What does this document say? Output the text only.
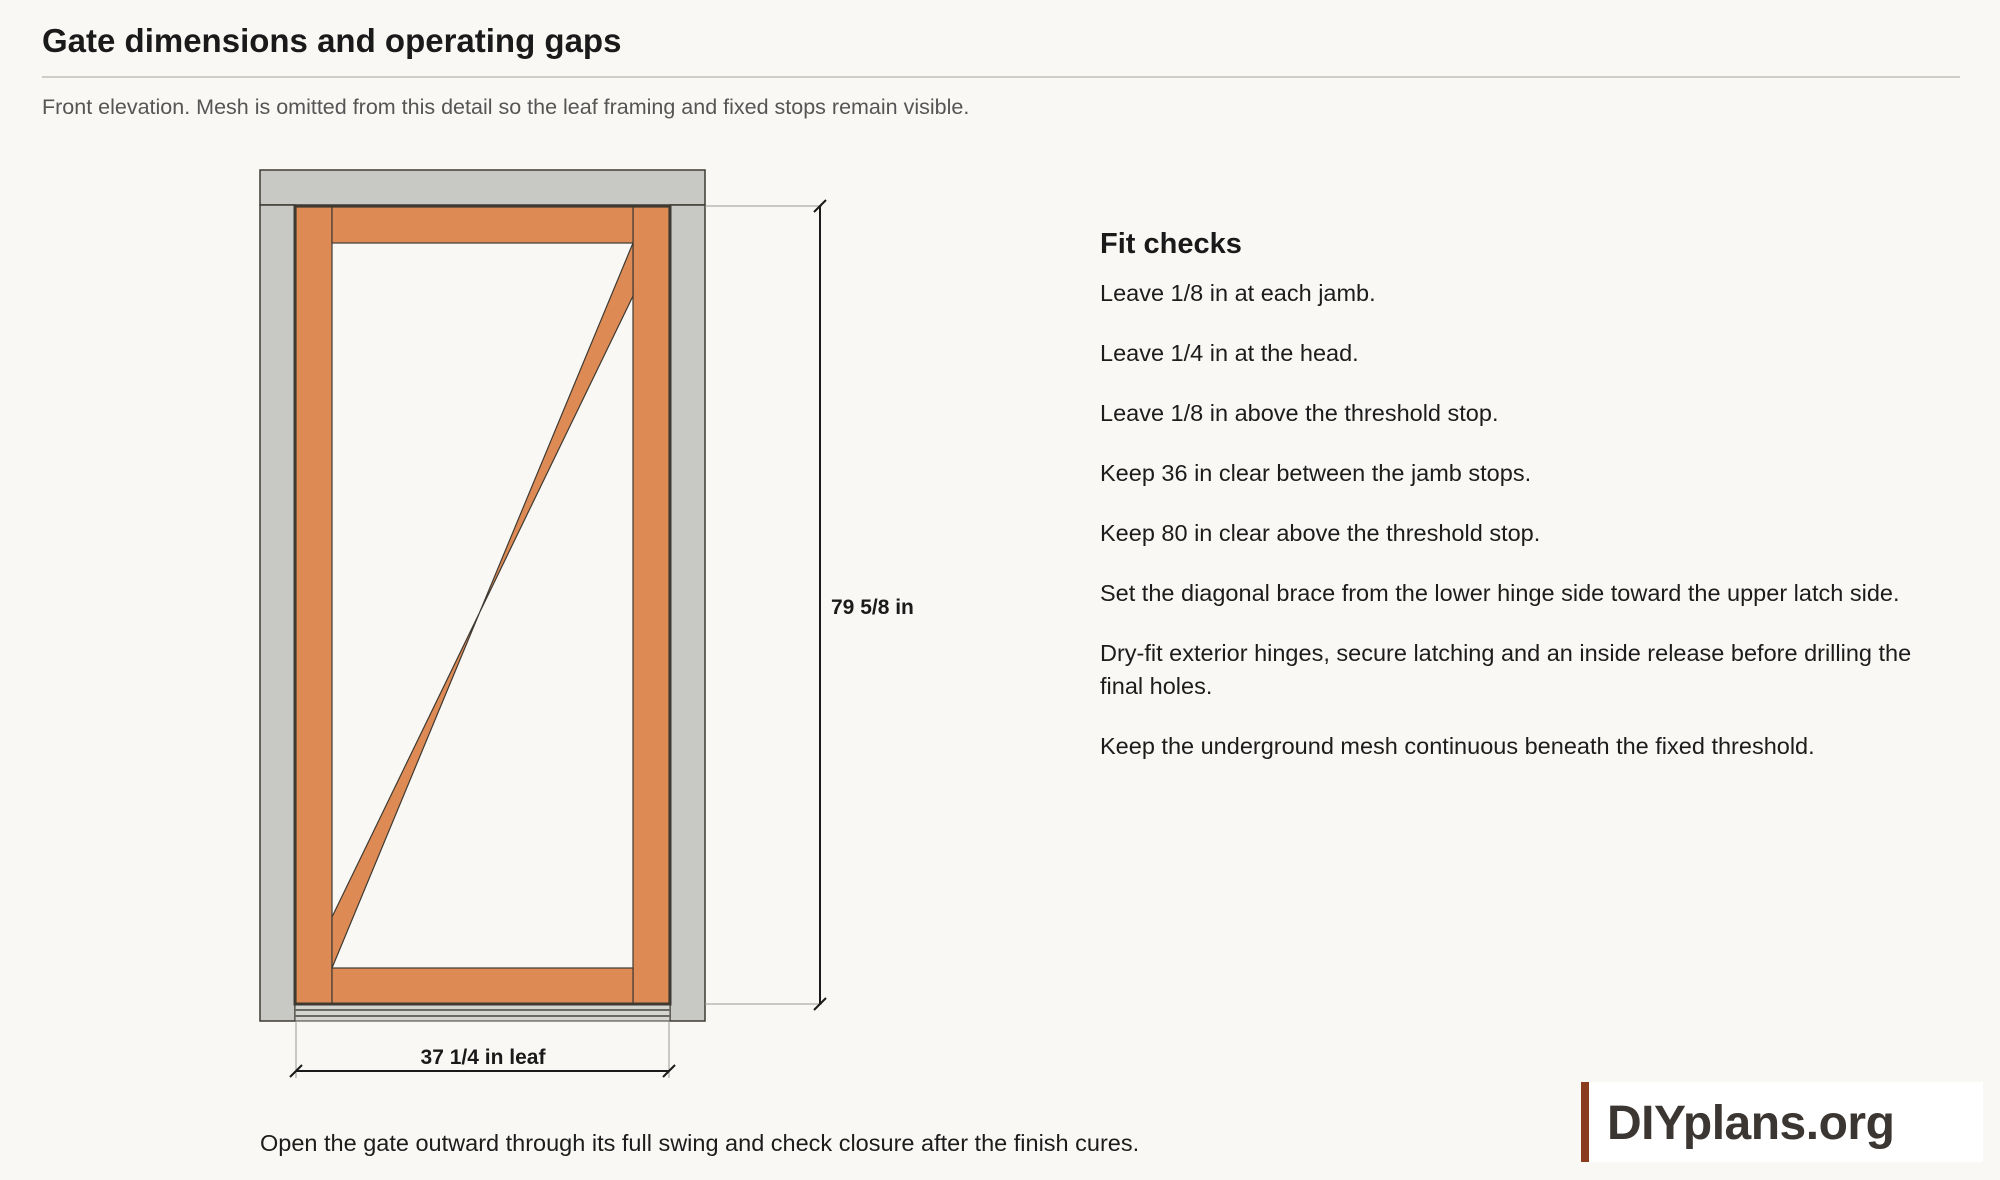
Gate dimensions and operating gaps
Front elevation. Mesh is omitted from this detail so the leaf framing and fixed stops remain visible.
79 5/8 in
37 1/4 in leaf
Fit checks
Leave 1/8 in at each jamb.
Leave 1/4 in at the head.
Leave 1/8 in above the threshold stop.
Keep 36 in clear between the jamb stops.
Keep 80 in clear above the threshold stop.
Set the diagonal brace from the lower hinge side toward the upper latch side.
Dry-fit exterior hinges, secure latching and an inside release before drilling the final holes.
Keep the underground mesh continuous beneath the fixed threshold.
Open the gate outward through its full swing and check closure after the finish cures.	DIYplans.org
